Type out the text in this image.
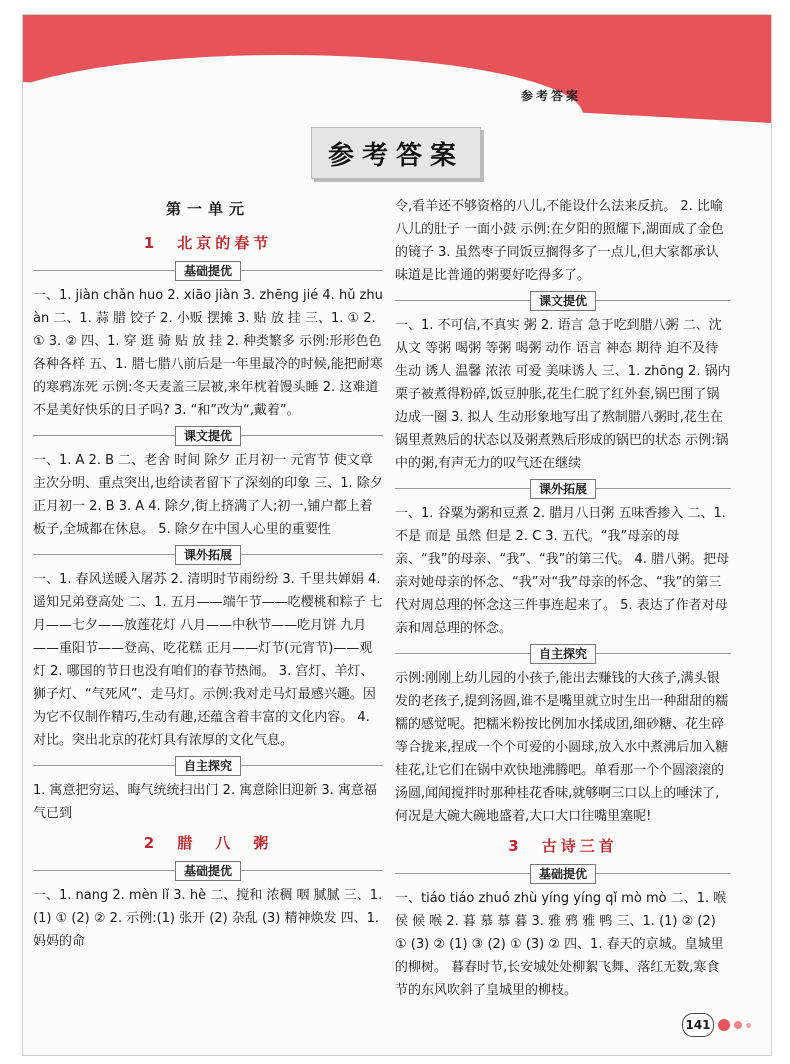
参考答案
参考答案
第一单元
1　北京的春节
基础提优

一、1. jiàn chǎn huo 2. xiāo jiàn 3. zhēng jié 4. hǔ zhuàn 二、1. 蒜 腊 饺子 2. 小贩 摆摊 3. 贴 放 挂 三、1. ① 2. ① 3. ② 四、1. 穿 逛 骑 贴 放 挂 2. 种类繁多 示例:形形色色 各种各样 五、1. 腊七腊八前后是一年里最冷的时候,能把耐寒的寒鸦冻死 示例:冬天麦盖三层被,来年枕着馒头睡 2. 这难道不是美好快乐的日子吗? 3. “和”改为“,戴着”。

课文提优

一、1. A 2. B 二、老舍 时间 除夕 正月初一 元宵节 使文章主次分明、重点突出,也给读者留下了深刻的印象 三、1. 除夕 正月初一 2. B 3. A 4. 除夕,街上挤满了人;初一,铺户都上着板子,全城都在休息。 5. 除夕在中国人心里的重要性

课外拓展

一、1. 春风送暖入屠苏 2. 清明时节雨纷纷 3. 千里共婵娟 4. 遥知兄弟登高处 二、1. 五月——端午节——吃樱桃和粽子 七月——七夕——放莲花灯 八月——中秋节——吃月饼 九月——重阳节——登高、吃花糕 正月——灯节(元宵节)——观灯 2. 哪国的节日也没有咱们的春节热闹。 3. 宫灯、羊灯、狮子灯、“气死风”、走马灯。示例:我对走马灯最感兴趣。因为它不仅制作精巧,生动有趣,还蕴含着丰富的文化内容。 4. 对比。突出北京的花灯具有浓厚的文化气息。

自主探究

1. 寓意把穷运、晦气统统扫出门 2. 寓意除旧迎新 3. 寓意福气已到

2　腊　八　粥
基础提优

一、1. nang 2. mèn lǐ 3. hè 二、搅和 浓稠 咽 腻腻 三、1. (1) ① (2) ② 2. 示例:(1) 张开 (2) 杂乱 (3) 精神焕发 四、1. 妈妈的命

令,看羊还不够资格的八儿,不能设什么法来反抗。 2. 比喻 八儿的肚子 一面小鼓 示例:在夕阳的照耀下,湖面成了金色的镜子 3. 虽然枣子同饭豆搁得多了一点儿,但大家都承认味道是比普通的粥要好吃得多了。

课文提优

一、1. 不可信,不真实 粥 2. 语言 急于吃到腊八粥 二、沈从文 等粥 喝粥 等粥 喝粥 动作 语言 神态 期待 迫不及待 生动 诱人 温馨 浓浓 可爱 美味诱人 三、1. zhōng 2. 锅内栗子被煮得粉碎,饭豆肿胀,花生仁脱了红外套,锅巴围了锅边成一圈 3. 拟人 生动形象地写出了熬制腊八粥时,花生在锅里煮熟后的状态以及粥煮熟后形成的锅巴的状态 示例:锅中的粥,有声无力的叹气还在继续

课外拓展

一、1. 谷粟为粥和豆煮 2. 腊月八日粥 五味香掺入 二、1. 不是 而是 虽然 但是 2. C 3. 五代。“我”母亲的母亲、“我”的母亲、“我”、“我”的第三代。 4. 腊八粥。把母亲对她母亲的怀念、“我”对“我”母亲的怀念、“我”的第三代对周总理的怀念这三件事连起来了。 5. 表达了作者对母亲和周总理的怀念。

自主探究

示例:刚刚上幼儿园的小孩子,能出去赚钱的大孩子,满头银发的老孩子,提到汤圆,谁不是嘴里就立时生出一种甜甜的糯糯的感觉呢。把糯米粉按比例加水揉成团,细砂糖、花生碎等合拢来,捏成一个个可爱的小圆球,放入水中煮沸后加入糖桂花,让它们在锅中欢快地沸腾吧。单看那一个个圆滚滚的汤圆,闻闻搅拌时那种桂花香味,就够啊三口以上的唾沫了,何况是大碗大碗地盛着,大口大口往嘴里塞呢!

3　古诗三首
基础提优

一、tiáo tiáo zhuó zhù yíng yíng qǐ mò mò 二、1. 喉 侯 候 喉 2. 暮 慕 慕 暮 3. 雅 鸦 雅 鸭 三、1. (1) ② (2) ① (3) ② (1) ③ (2) ① (3) ② 四、1. 春天的京城。皇城里的柳树。 暮春时节,长安城处处柳絮飞舞、落红无数,寒食节的东风吹斜了皇城里的柳枝。

141
